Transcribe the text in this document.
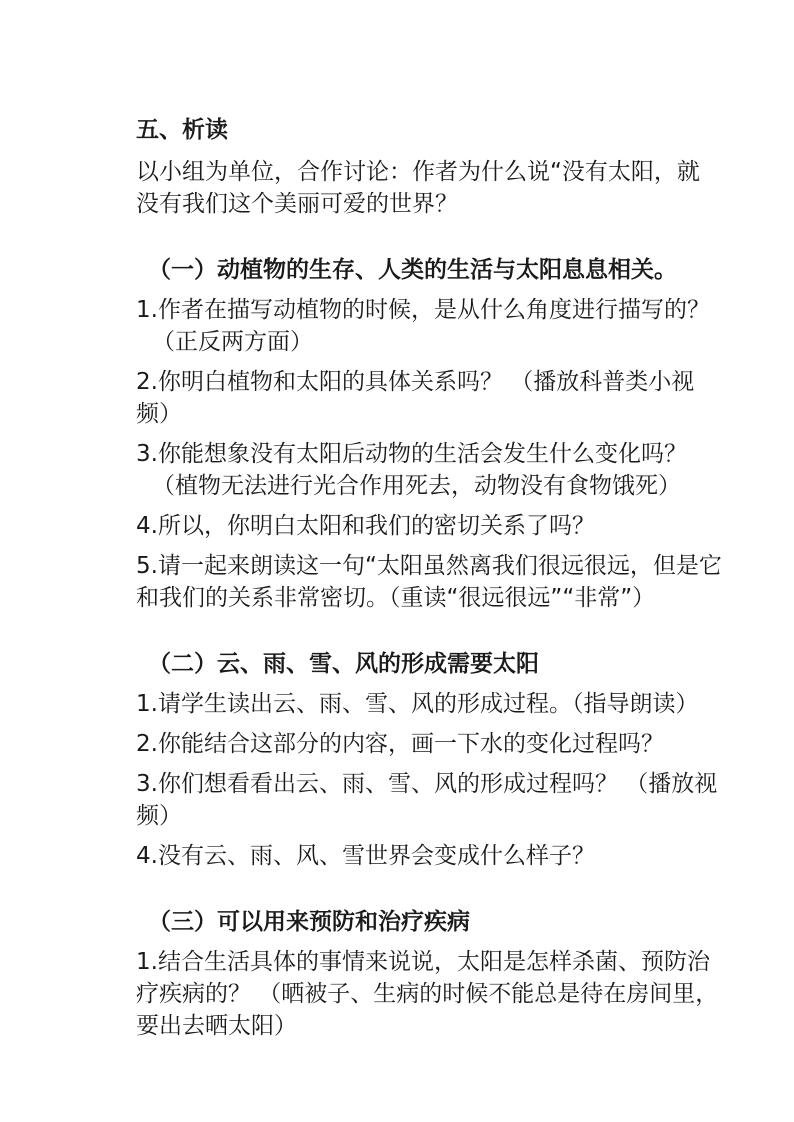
五、析读
以小组为单位，合作讨论：作者为什么说“没有太阳，就
没有我们这个美丽可爱的世界？
（一）动植物的生存、人类的生活与太阳息息相关。
1.作者在描写动植物的时候，是从什么角度进行描写的？
（正反两方面）
2.你明白植物和太阳的具体关系吗？ （播放科普类小视
频）
3.你能想象没有太阳后动物的生活会发生什么变化吗？
（植物无法进行光合作用死去，动物没有食物饿死）
4.所以，你明白太阳和我们的密切关系了吗？
5.请一起来朗读这一句“太阳虽然离我们很远很远，但是它
和我们的关系非常密切。（重读“很远很远”“非常”）
（二）云、雨、雪、风的形成需要太阳
1.请学生读出云、雨、雪、风的形成过程。（指导朗读）
2.你能结合这部分的内容，画一下水的变化过程吗？
3.你们想看看出云、雨、雪、风的形成过程吗？ （播放视
频）
4.没有云、雨、风、雪世界会变成什么样子？
（三）可以用来预防和治疗疾病
1.结合生活具体的事情来说说，太阳是怎样杀菌、预防治
疗疾病的？ （晒被子、生病的时候不能总是待在房间里，
要出去晒太阳）
